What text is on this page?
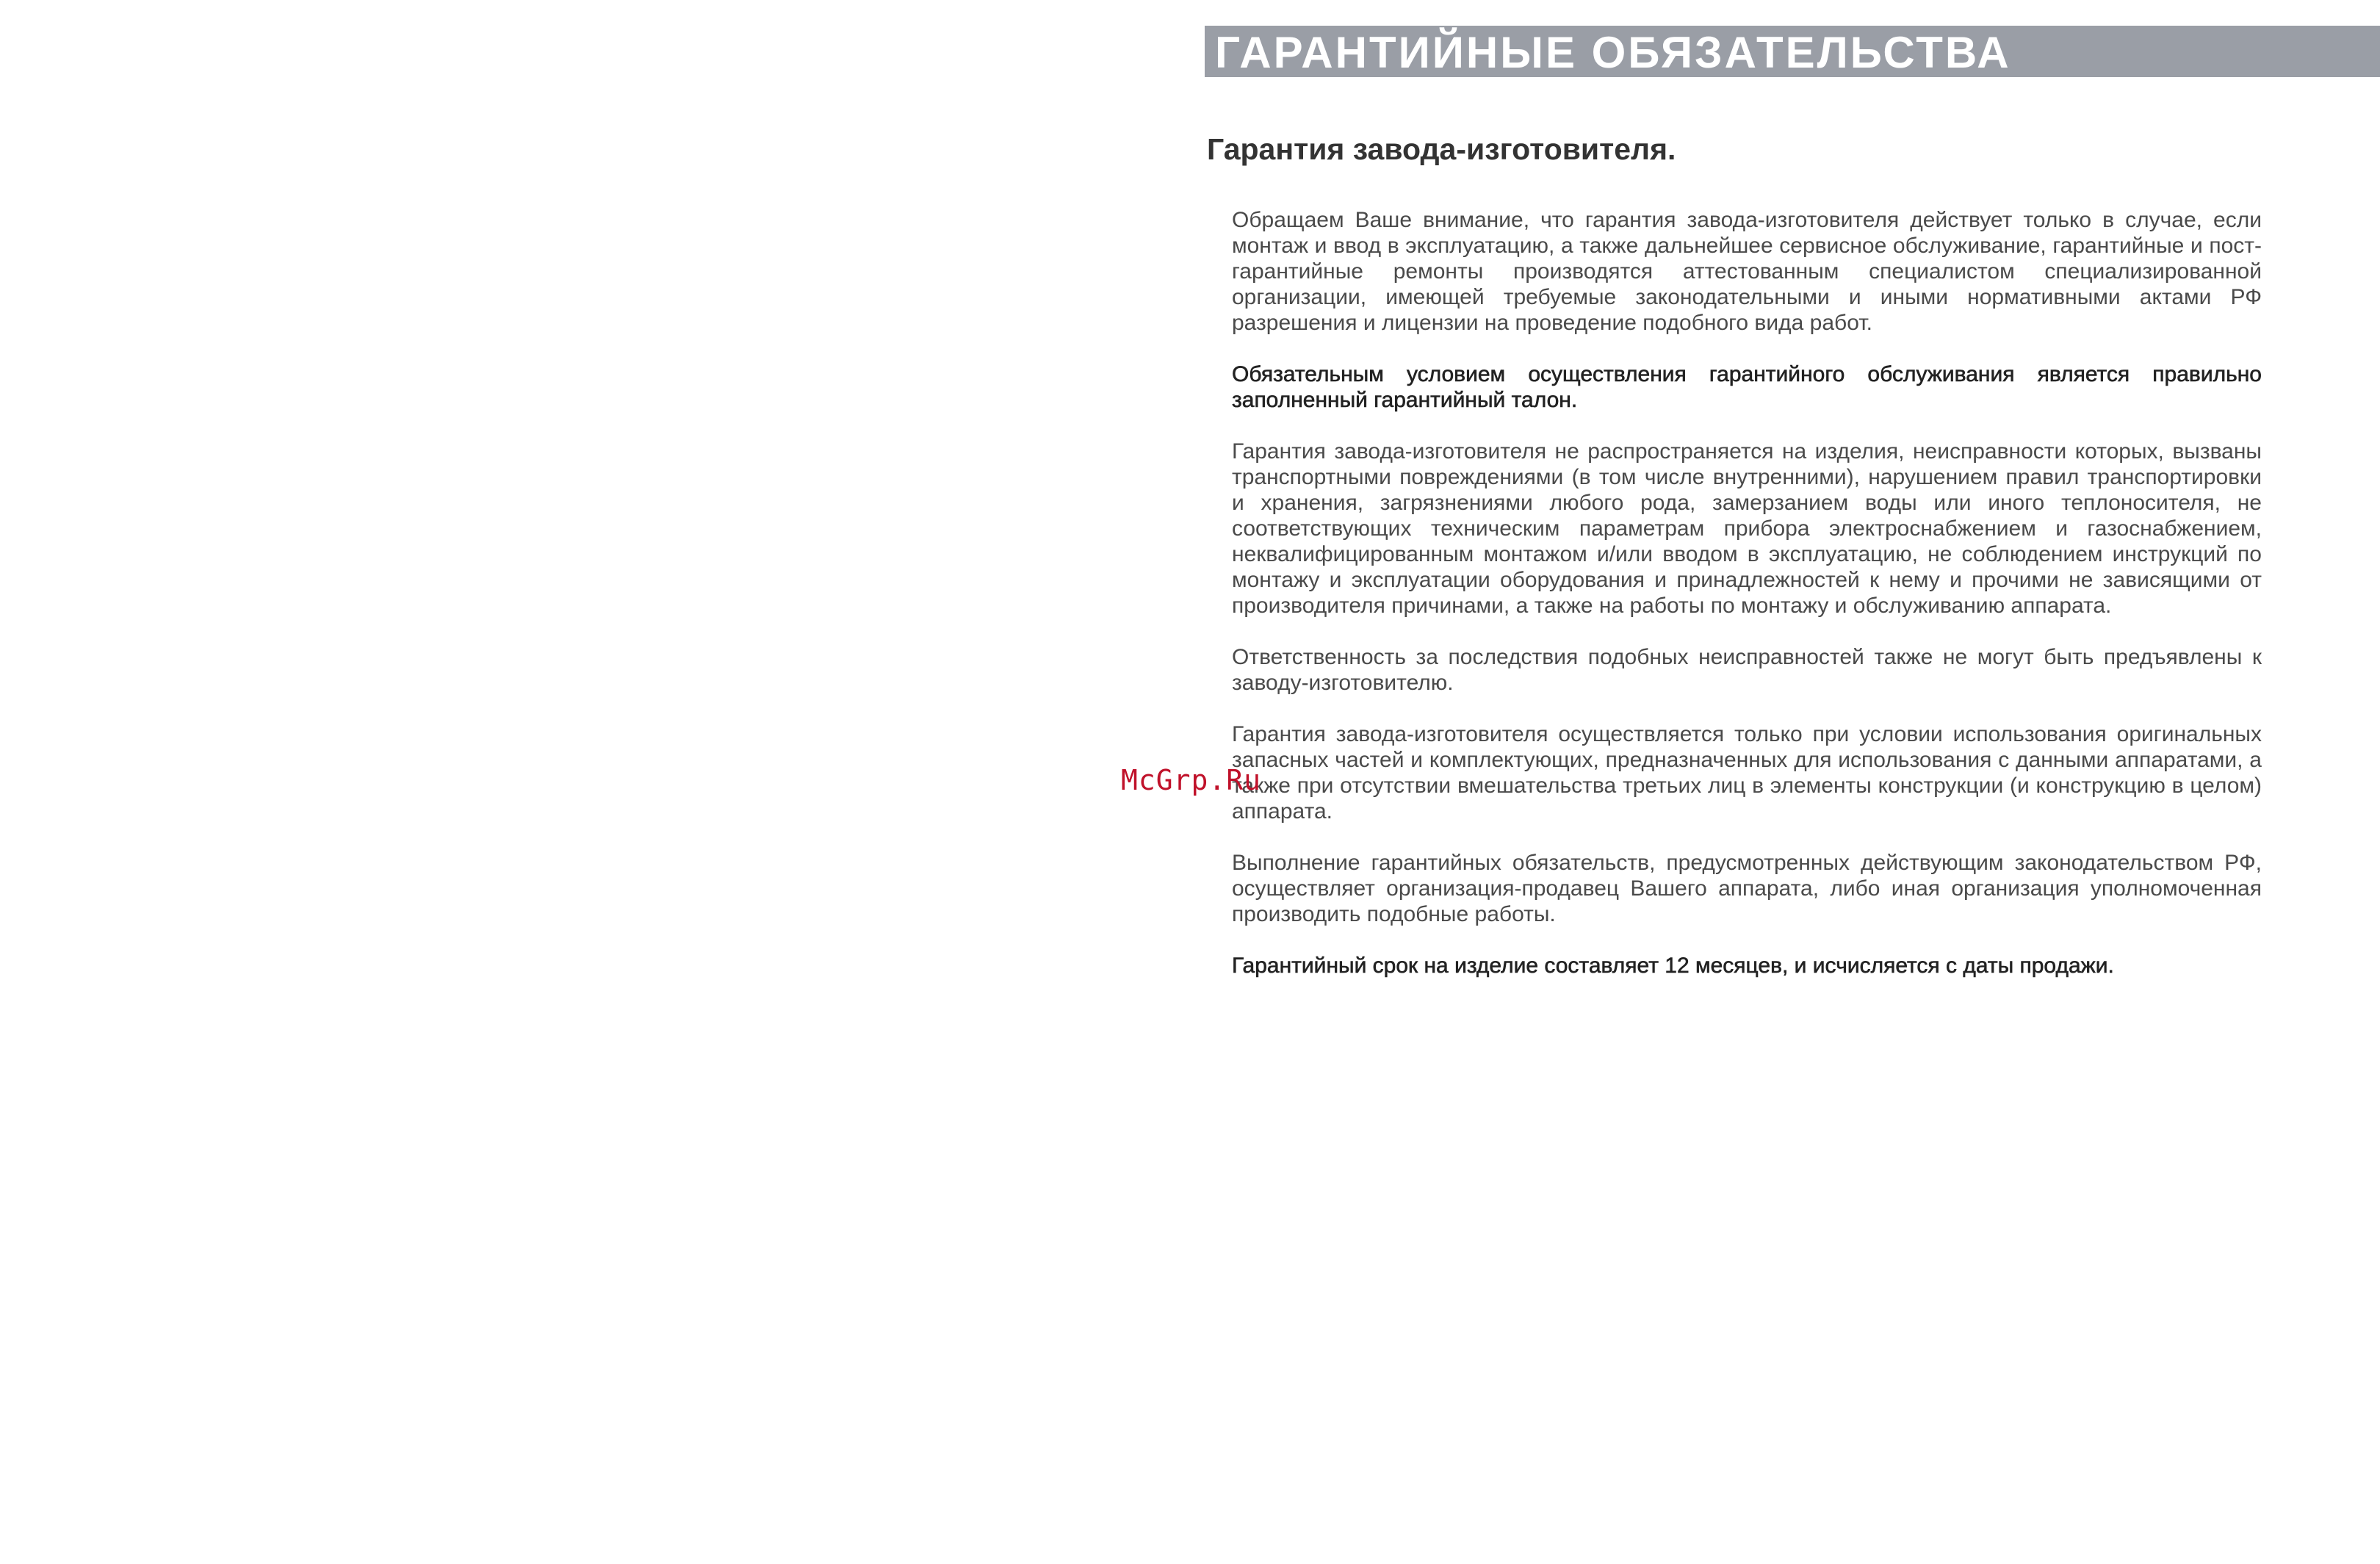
ГАРАНТИЙНЫЕ ОБЯЗАТЕЛЬСТВА
Гарантия завода-изготовителя.

Обращаем Ваше внимание, что гарантия завода-изготовителя действует только в случае, если монтаж и ввод в эксплуатацию, а также дальнейшее сервисное обслуживание, гарантийные и пост-гарантийные ремонты производятся аттестованным специалистом специализированной организации, имеющей требуемые законодательными и иными нормативными актами РФ разрешения и лицензии на проведение подобного вида работ.

Обязательным условием осуществления гарантийного обслуживания является правильно заполненный гарантийный талон.

Гарантия завода-изготовителя не распространяется на изделия, неисправности которых, вызваны транспортными повреждениями (в том числе внутренними), нарушением правил транспортировки и хранения, загрязнениями любого рода, замерзанием воды или иного теплоносителя, не соответствующих техническим параметрам прибора электроснабжением и газоснабжением, неквалифицированным монтажом и/или вводом в эксплуатацию, не соблюдением инструкций по монтажу и эксплуатации оборудования и принадлежностей к нему и прочими не зависящими от производителя причинами, а также на работы по монтажу и обслуживанию аппарата.

Ответственность за последствия подобных неисправностей также не могут быть предъявлены к заводу-изготовителю.

Гарантия завода-изготовителя осуществляется только при условии использования оригинальных запасных частей и комплектующих, предназначенных для использования с данными аппаратами, а также при отсутствии вмешательства третьих лиц в элементы конструкции (и конструкцию в целом) аппарата.

Выполнение гарантийных обязательств, предусмотренных действующим законодательством РФ, осуществляет организация-продавец Вашего аппарата, либо иная организация уполномоченная производить подобные работы.

Гарантийный срок на изделие составляет 12 месяцев, и исчисляется с даты продажи.

McGrp.Ru
